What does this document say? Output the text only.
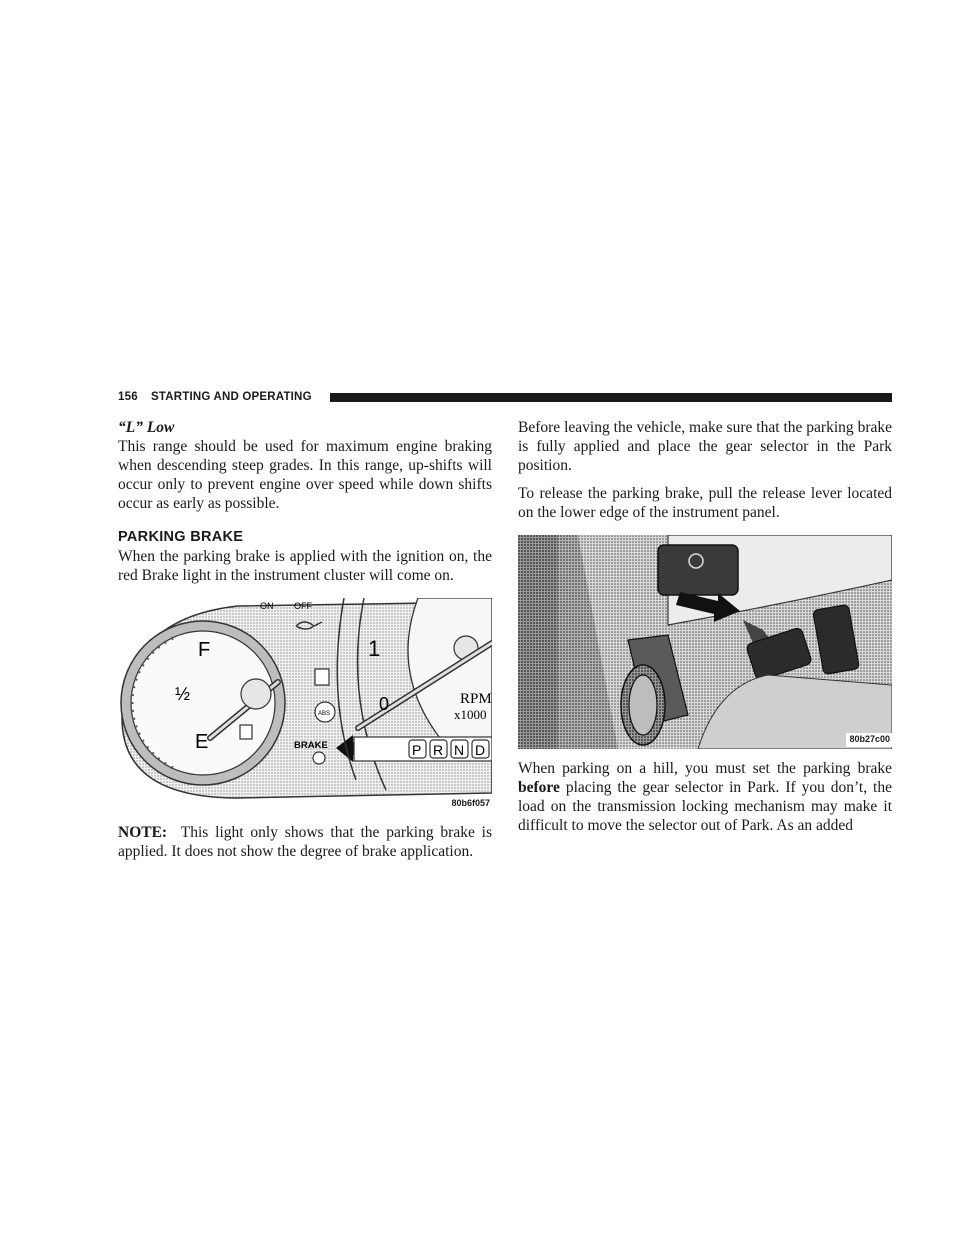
156 STARTING AND OPERATING

“L” Low

This range should be used for maximum engine braking when descending steep grades. In this range, up-shifts will occur only to prevent engine over speed while down shifts occur as early as possible.

PARKING BRAKE

When the parking brake is applied with the ignition on, the red Brake light in the instrument cluster will come on.

F
½
E
ON OFF
ABS
BRAKE
1
0	RPM
x1000
P R N D
80b6f057

NOTE: This light only shows that the parking brake is applied. It does not show the degree of brake application.

Before leaving the vehicle, make sure that the parking brake is fully applied and place the gear selector in the Park position.

To release the parking brake, pull the release lever located on the lower edge of the instrument panel.

80b27c00

When parking on a hill, you must set the parking brake before placing the gear selector in Park. If you don’t, the load on the transmission locking mechanism may make it difficult to move the selector out of Park. As an added
